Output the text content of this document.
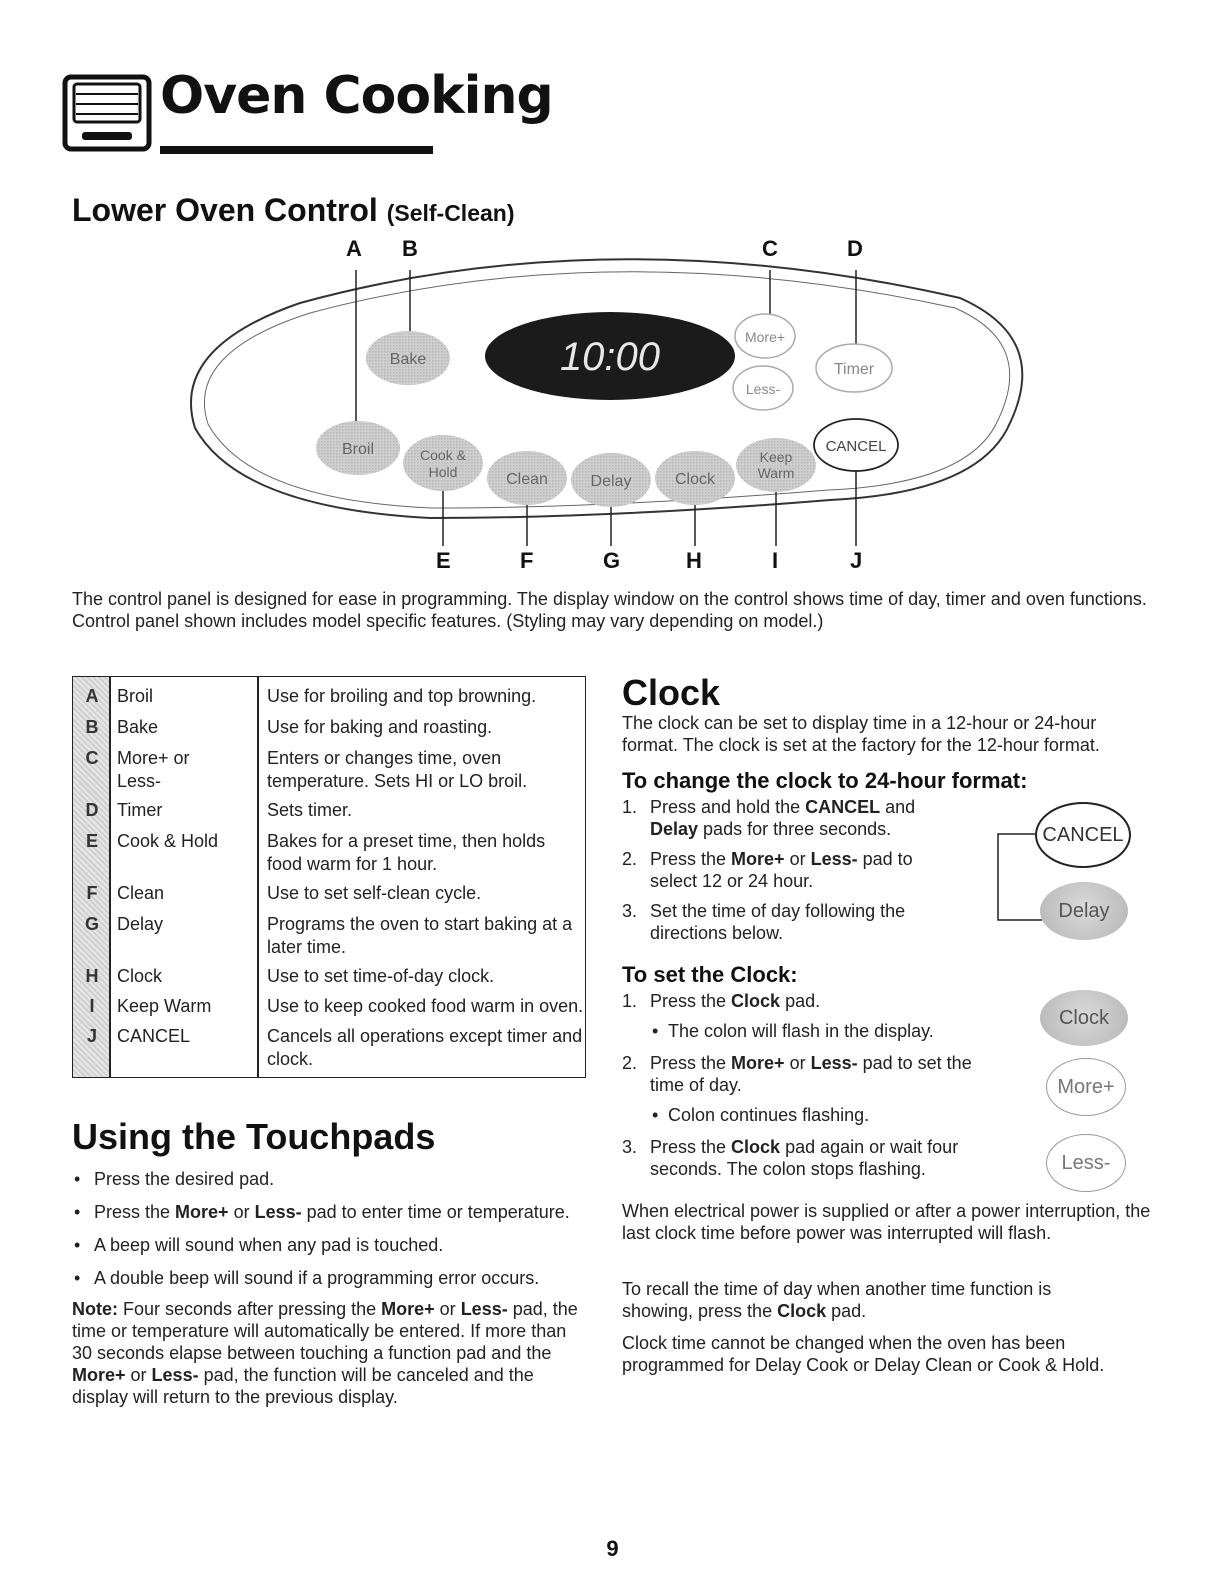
Oven Cooking
Lower Oven Control (Self-Clean)
A B	C	D
E	F	G	H	I	J
10:00
Bake
Broil	Cook &
Hold	Clean	Delay	Clock
Keep
Warm
More+
Less-
Timer
CANCEL

The control panel is designed for ease in programming. The display window on the control shows time of day, timer and oven functions.

Control panel shown includes model specific features. (Styling may vary depending on model.)

A Broil	Use for broiling and top browning.
B Bake	Use for baking and roasting.
C More+ or Less-
Enters or changes time, oven temperature. Sets HI or LO broil.
D Timer	Sets timer.
E Cook & Hold	Bakes for a preset time, then holds food warm for 1 hour.
F Clean	Use to set self-clean cycle.
G Delay	Programs the oven to start baking at a later time.
H Clock	Use to set time-of-day clock.
I	Keep Warm	Use to keep cooked food warm in oven.
J CANCEL	Cancels all operations except timer and clock.
Using the Touchpads
• Press the desired pad.
• Press the More+ or Less- pad to enter time or temperature.
• A beep will sound when any pad is touched.
• A double beep will sound if a programming error occurs.
Note: Four seconds after pressing the More+ or Less- pad, the time or temperature will automatically be entered. If more than 30 seconds elapse between touching a function pad and the More+ or Less- pad, the function will be canceled and the display will return to the previous display.
Clock
The clock can be set to display time in a 12-hour or 24-hour format. The clock is set at the factory for the 12-hour format.
To change the clock to 24-hour format:
1. Press and hold the CANCEL and Delay pads for three seconds.
2. Press the More+ or Less- pad to select 12 or 24 hour.
3. Set the time of day following the directions below.
To set the Clock:
1. Press the Clock pad.
• The colon will flash in the display.
2. Press the More+ or Less- pad to set the time of day.
• Colon continues flashing.
3. Press the Clock pad again or wait four seconds. The colon stops flashing.
When electrical power is supplied or after a power interruption, the last clock time before power was interrupted will flash.
To recall the time of day when another time function is showing, press the Clock pad.
Clock time cannot be changed when the oven has been programmed for Delay Cook or Delay Clean or Cook & Hold.
CANCEL
Delay
Clock
More+
Less-
9
